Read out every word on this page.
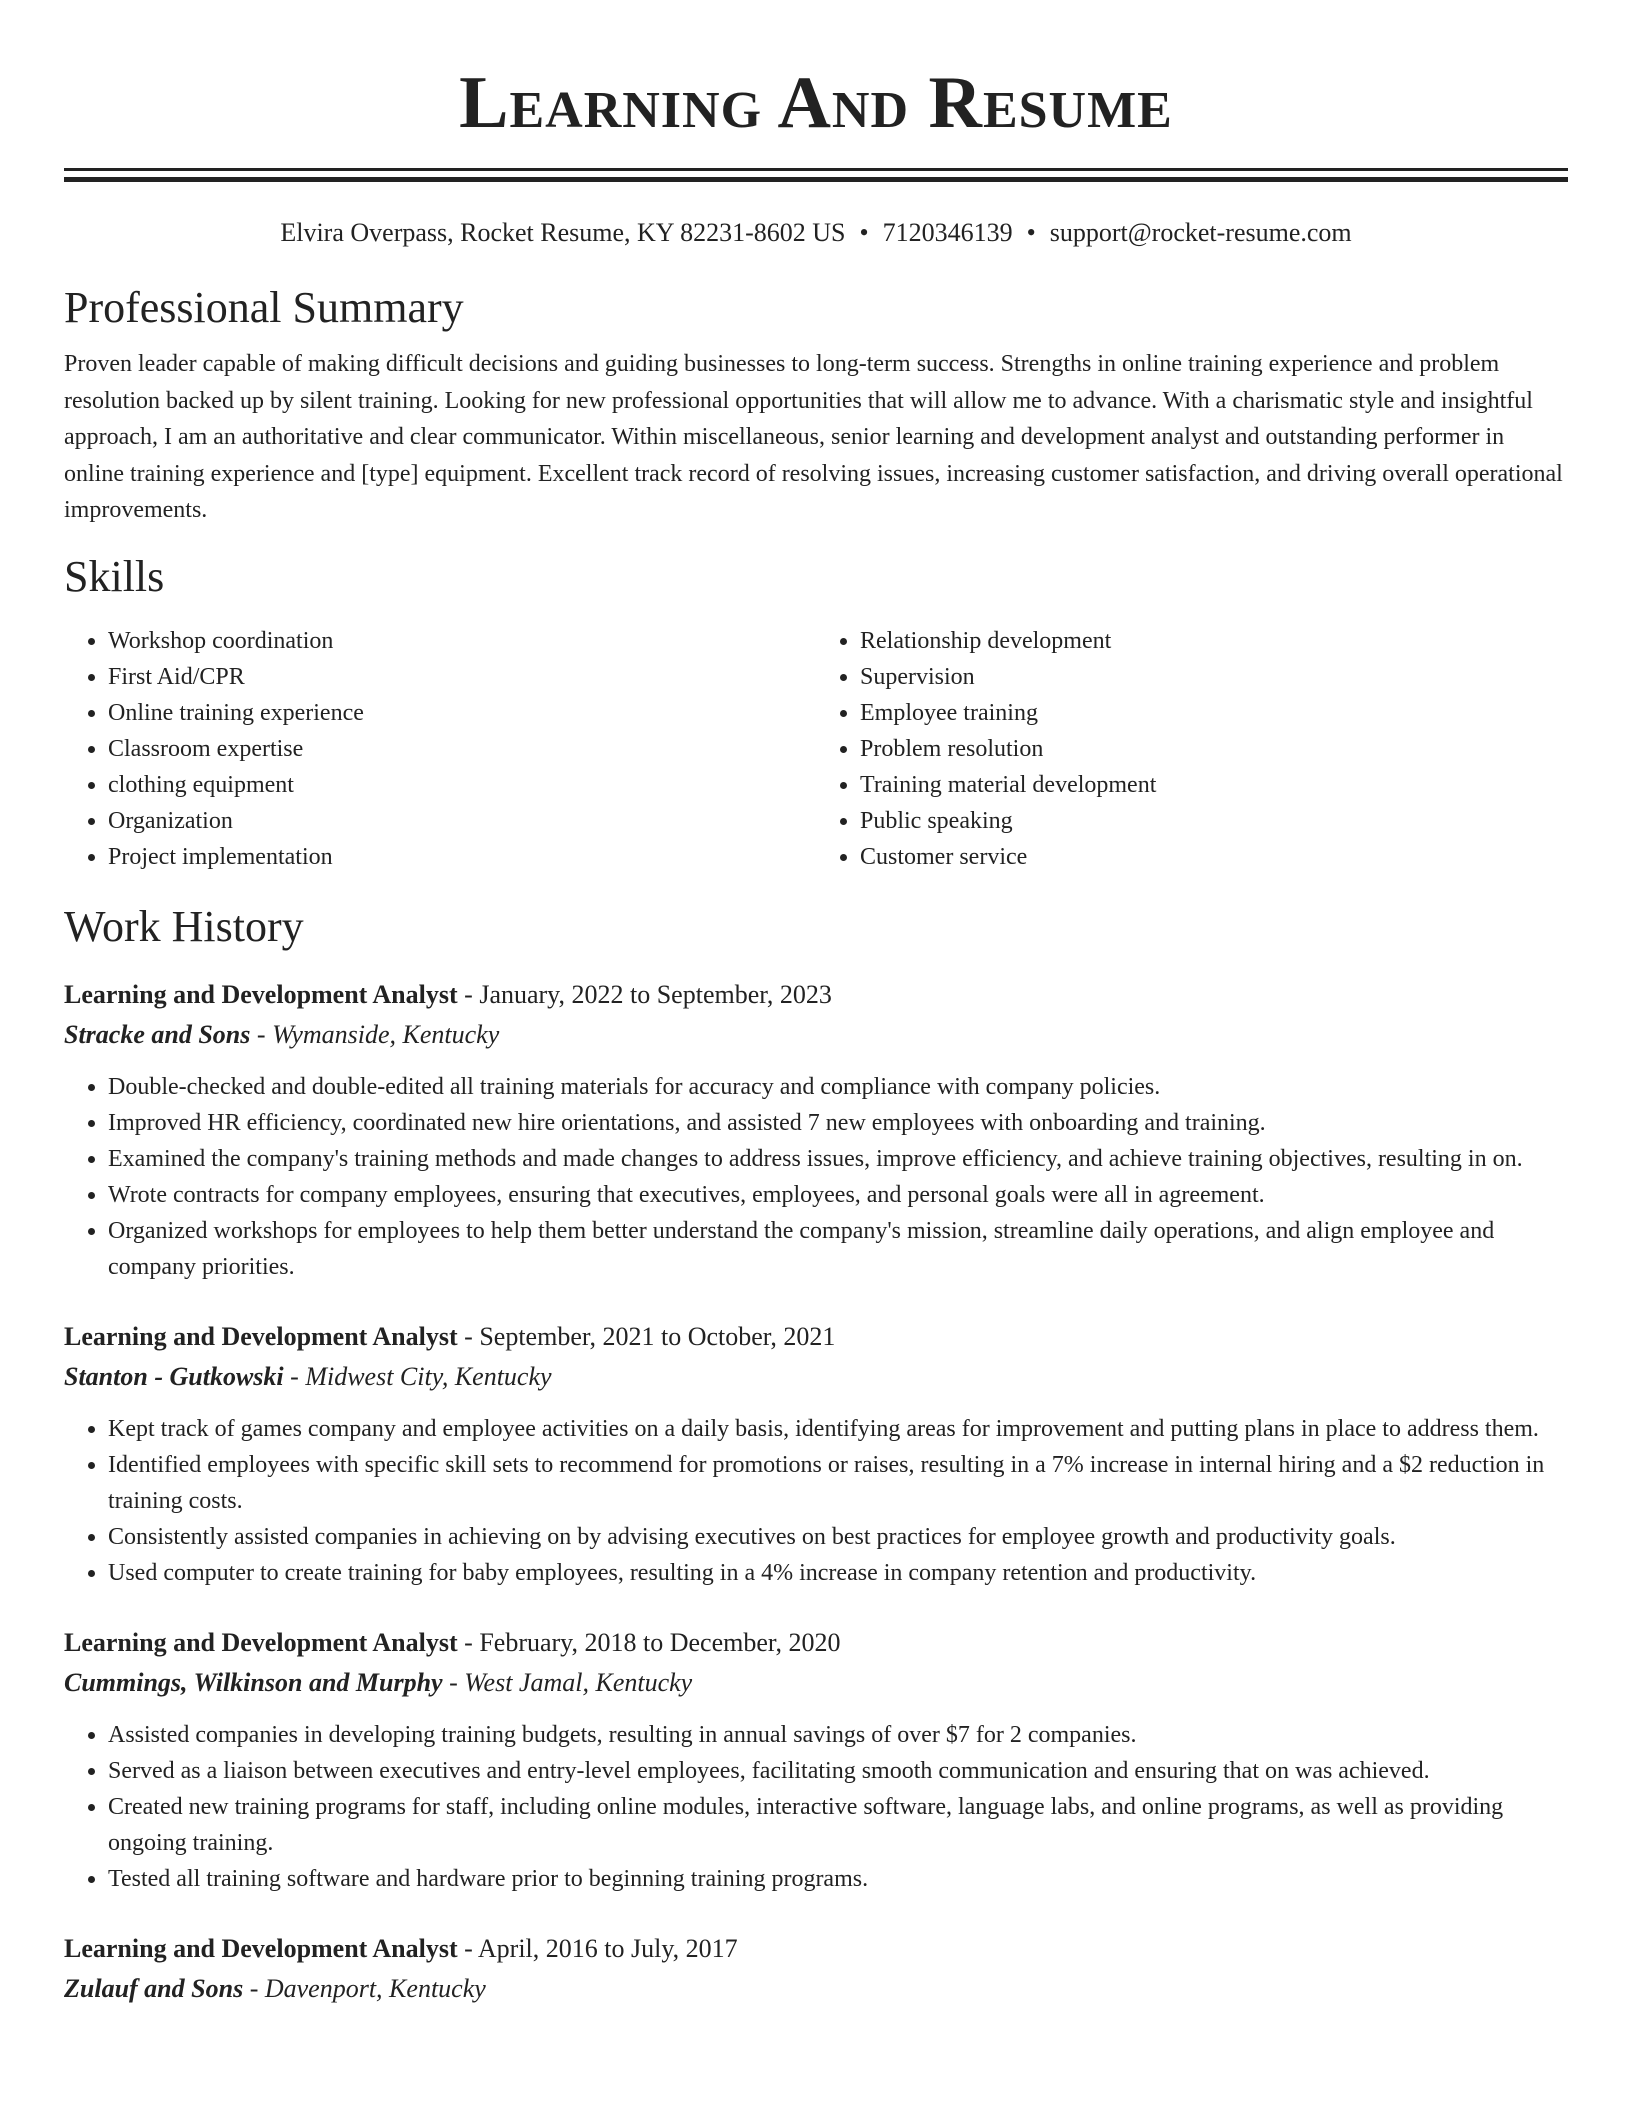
Learning And Resume
Elvira Overpass, Rocket Resume, KY 82231-8602 US • 7120346139 • support@rocket-resume.com
Professional Summary

Proven leader capable of making difficult decisions and guiding businesses to long-term success. Strengths in online training experience and problem resolution backed up by silent training. Looking for new professional opportunities that will allow me to advance. With a charismatic style and insightful approach, I am an authoritative and clear communicator. Within miscellaneous, senior learning and development analyst and outstanding performer in online training experience and [type] equipment. Excellent track record of resolving issues, increasing customer satisfaction, and driving overall operational improvements.

Skills
• Workshop coordination
• First Aid/CPR
• Online training experience
• Classroom expertise
• clothing equipment
• Organization
• Project implementation
• Relationship development
• Supervision
• Employee training
• Problem resolution
• Training material development
• Public speaking
• Customer service
Work History
Learning and Development Analyst - January, 2022 to September, 2023
Stracke and Sons - Wymanside, Kentucky
• Double-checked and double-edited all training materials for accuracy and compliance with company policies.
• Improved HR efficiency, coordinated new hire orientations, and assisted 7 new employees with onboarding and training.
• Examined the company's training methods and made changes to address issues, improve efficiency, and achieve training objectives, resulting in on.
• Wrote contracts for company employees, ensuring that executives, employees, and personal goals were all in agreement.
• Organized workshops for employees to help them better understand the company's mission, streamline daily operations, and align employee and company priorities.
Learning and Development Analyst - September, 2021 to October, 2021
Stanton - Gutkowski - Midwest City, Kentucky
• Kept track of games company and employee activities on a daily basis, identifying areas for improvement and putting plans in place to address them.
• Identified employees with specific skill sets to recommend for promotions or raises, resulting in a 7% increase in internal hiring and a $2 reduction in training costs.
• Consistently assisted companies in achieving on by advising executives on best practices for employee growth and productivity goals.
• Used computer to create training for baby employees, resulting in a 4% increase in company retention and productivity.
Learning and Development Analyst - February, 2018 to December, 2020
Cummings, Wilkinson and Murphy - West Jamal, Kentucky
• Assisted companies in developing training budgets, resulting in annual savings of over $7 for 2 companies.
• Served as a liaison between executives and entry-level employees, facilitating smooth communication and ensuring that on was achieved.
• Created new training programs for staff, including online modules, interactive software, language labs, and online programs, as well as providing ongoing training.
• Tested all training software and hardware prior to beginning training programs.
Learning and Development Analyst - April, 2016 to July, 2017
Zulauf and Sons - Davenport, Kentucky
